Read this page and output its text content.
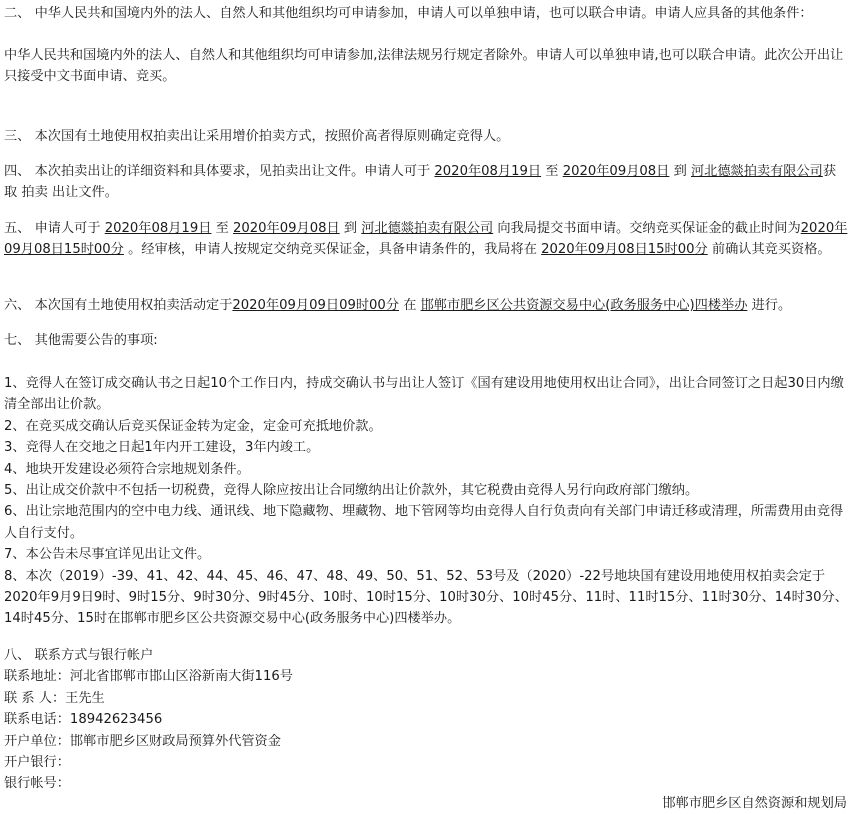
二、 中华人民共和国境内外的法人、自然人和其他组织均可申请参加，申请人可以单独申请，也可以联合申请。申请人应具备的其他条件：

中华人民共和国境内外的法人、自然人和其他组织均可申请参加,法律法规另行规定者除外。申请人可以单独申请,也可以联合申请。此次公开出让只接受中文书面申请、竞买。

三、 本次国有土地使用权拍卖出让采用增价拍卖方式，按照价高者得原则确定竞得人。

四、 本次拍卖出让的详细资料和具体要求，见拍卖出让文件。申请人可于 2020年08月19日 至 2020年09月08日 到 河北德燚拍卖有限公司获取 拍卖 出让文件。

五、 申请人可于 2020年08月19日 至 2020年09月08日 到 河北德燚拍卖有限公司 向我局提交书面申请。交纳竞买保证金的截止时间为2020年09月08日15时00分 。经审核，申请人按规定交纳竞买保证金，具备申请条件的，我局将在 2020年09月08日15时00分 前确认其竞买资格。

六、 本次国有土地使用权拍卖活动定于2020年09月09日09时00分 在 邯郸市肥乡区公共资源交易中心(政务服务中心)四楼举办 进行。

七、 其他需要公告的事项:

1、竞得人在签订成交确认书之日起10个工作日内，持成交确认书与出让人签订《国有建设用地使用权出让合同》，出让合同签订之日起30日内缴清全部出让价款。
2、在竞买成交确认后竞买保证金转为定金，定金可充抵地价款。
3、竞得人在交地之日起1年内开工建设，3年内竣工。
4、地块开发建设必须符合宗地规划条件。
5、出让成交价款中不包括一切税费，竞得人除应按出让合同缴纳出让价款外，其它税费由竞得人另行向政府部门缴纳。
6、出让宗地范围内的空中电力线、通讯线、地下隐藏物、埋藏物、地下管网等均由竞得人自行负责向有关部门申请迁移或清理，所需费用由竞得人自行支付。
7、本公告未尽事宜详见出让文件。
8、本次（2019）-39、41、42、44、45、46、47、48、49、50、51、52、53号及（2020）-22号地块国有建设用地使用权拍卖会定于2020年9月9日9时、9时15分、9时30分、9时45分、10时、10时15分、10时30分、10时45分、11时、11时15分、11时30分、14时30分、14时45分、15时在邯郸市肥乡区公共资源交易中心(政务服务中心)四楼举办。
八、 联系方式与银行帐户
联系地址：河北省邯郸市邯山区浴新南大街116号
联 系 人：王先生
联系电话：18942623456
开户单位：邯郸市肥乡区财政局预算外代管资金
开户银行：
银行帐号：
邯郸市肥乡区自然资源和规划局
